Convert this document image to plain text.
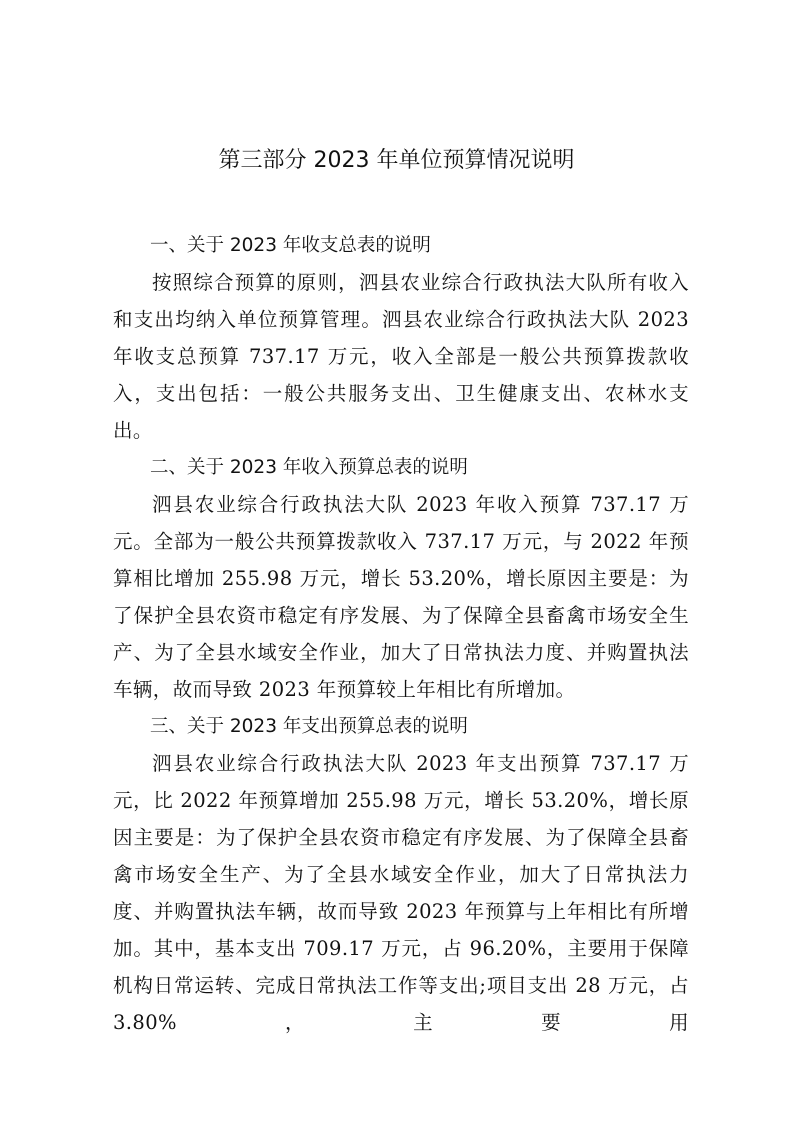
第三部分 2023 年单位预算情况说明
一、关于 2023 年收支总表的说明

按照综合预算的原则，泗县农业综合行政执法大队所有收入和支出均纳入单位预算管理。泗县农业综合行政执法大队 2023 年收支总预算 737.17 万元，收入全部是一般公共预算拨款收入，支出包括：一般公共服务支出、卫生健康支出、农林水支出。

二、关于 2023 年收入预算总表的说明

泗县农业综合行政执法大队 2023 年收入预算 737.17 万元。全部为一般公共预算拨款收入 737.17 万元，与 2022 年预算相比增加 255.98 万元，增长 53.20%，增长原因主要是：为了保护全县农资市稳定有序发展、为了保障全县畜禽市场安全生产、为了全县水域安全作业，加大了日常执法力度、并购置执法车辆，故而导致 2023 年预算较上年相比有所增加。

三、关于 2023 年支出预算总表的说明

泗县农业综合行政执法大队 2023 年支出预算 737.17 万元，比 2022 年预算增加 255.98 万元，增长 53.20%，增长原因主要是：为了保护全县农资市稳定有序发展、为了保障全县畜禽市场安全生产、为了全县水域安全作业，加大了日常执法力度、并购置执法车辆，故而导致 2023 年预算与上年相比有所增加。其中，基本支出 709.17 万元，占 96.20%，主要用于保障机构日常运转、完成日常执法工作等支出;项目支出 28 万元，占 3.80%，主要用
